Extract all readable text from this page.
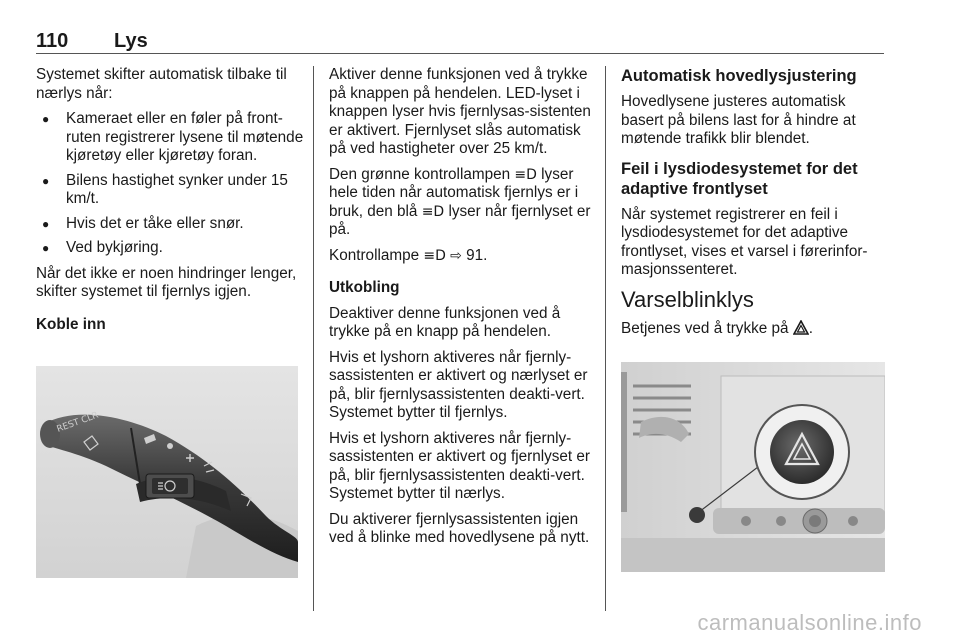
110 Lys

Systemet skifter automatisk tilbake til nærlys når:

● Kameraet eller en føler på front-ruten registrerer lysene til møtende kjøretøy eller kjøretøy foran.
● Bilens hastighet synker under 15 km/t.
● Hvis det er tåke eller snør.
● Ved bykjøring.

Når det ikke er noen hindringer lenger, skifter systemet til fjernlys igjen.

Koble inn

REST CLR

Aktiver denne funksjonen ved å trykke på knappen på hendelen. LED-lyset i knappen lyser hvis fjernlysas-sistenten er aktivert. Fjernlyset slås automatisk på ved hastigheter over 25 km/t.

Den grønne kontrollampen ≡D lyser hele tiden når automatisk fjernlys er i bruk, den blå ≡D lyser når fjernlyset er på.

Kontrollampe ≡D ⇨ 91.

Utkobling

Deaktiver denne funksjonen ved å trykke på en knapp på hendelen.

Hvis et lyshorn aktiveres når fjernly-sassistenten er aktivert og nærlyset er på, blir fjernlysassistenten deakti-vert. Systemet bytter til fjernlys.

Hvis et lyshorn aktiveres når fjernly-sassistenten er aktivert og fjernlyset er på, blir fjernlysassistenten deakti-vert. Systemet bytter til nærlys.

Du aktiverer fjernlysassistenten igjen ved å blinke med hovedlysene på nytt.

Automatisk hovedlysjustering

Hovedlysene justeres automatisk basert på bilens last for å hindre at møtende trafikk blir blendet.

Feil i lysdiodesystemet for det adaptive frontlyset

Når systemet registrerer en feil i lysdiodesystemet for det adaptive frontlyset, vises et varsel i førerinfor-masjonssenteret.

Varselblinklys

Betjenes ved å trykke på .

carmanualsonline.info
